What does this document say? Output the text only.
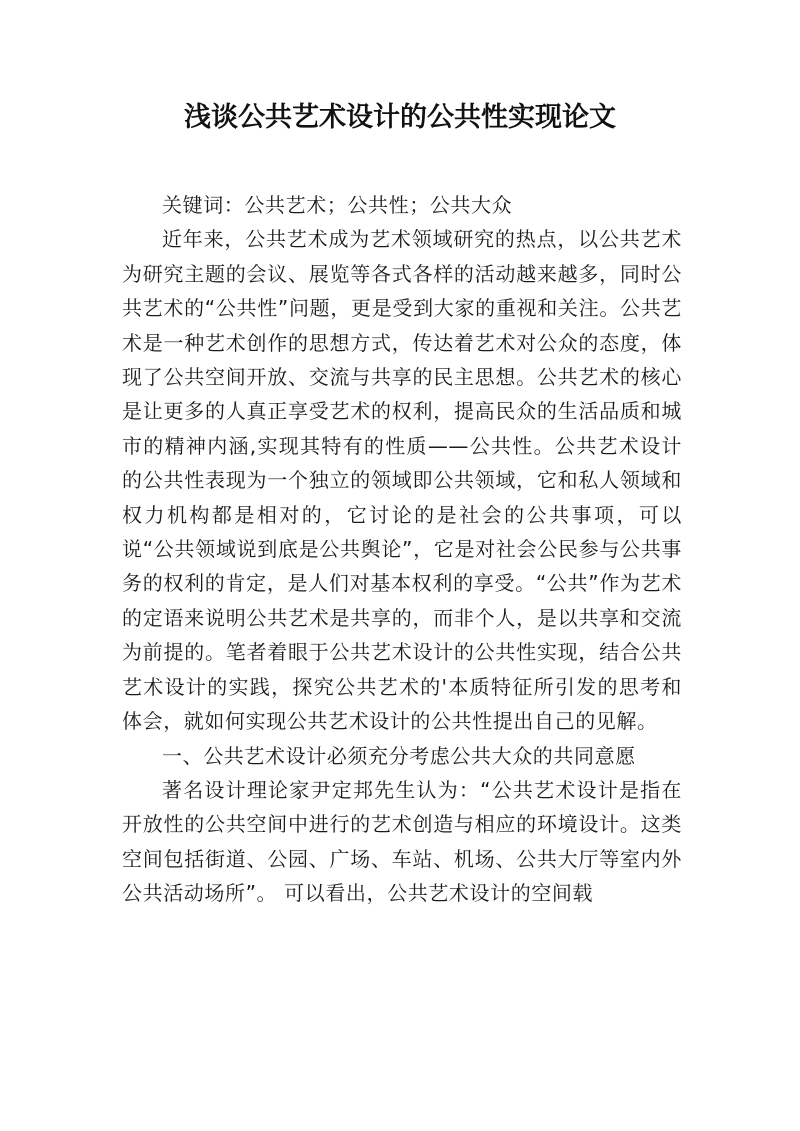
浅谈公共艺术设计的公共性实现论文

关键词：公共艺术；公共性；公共大众

近年来，公共艺术成为艺术领域研究的热点，以公共艺术为研究主题的会议、展览等各式各样的活动越来越多，同时公共艺术的“公共性”问题，更是受到大家的重视和关注。公共艺术是一种艺术创作的思想方式，传达着艺术对公众的态度，体现了公共空间开放、交流与共享的民主思想。公共艺术的核心是让更多的人真正享受艺术的权利，提高民众的生活品质和城市的精神内涵,实现其特有的性质——公共性。公共艺术设计的公共性表现为一个独立的领域即公共领域，它和私人领域和权力机构都是相对的，它讨论的是社会的公共事项，可以说“公共领域说到底是公共舆论”，它是对社会公民参与公共事务的权利的肯定，是人们对基本权利的享受。“公共”作为艺术的定语来说明公共艺术是共享的，而非个人，是以共享和交流为前提的。笔者着眼于公共艺术设计的公共性实现，结合公共艺术设计的实践，探究公共艺术的'本质特征所引发的思考和体会，就如何实现公共艺术设计的公共性提出自己的见解。

一、公共艺术设计必须充分考虑公共大众的共同意愿

著名设计理论家尹定邦先生认为：“公共艺术设计是指在开放性的公共空间中进行的艺术创造与相应的环境设计。这类空间包括街道、公园、广场、车站、机场、公共大厅等室内外公共活动场所”。 可以看出，公共艺术设计的空间载
